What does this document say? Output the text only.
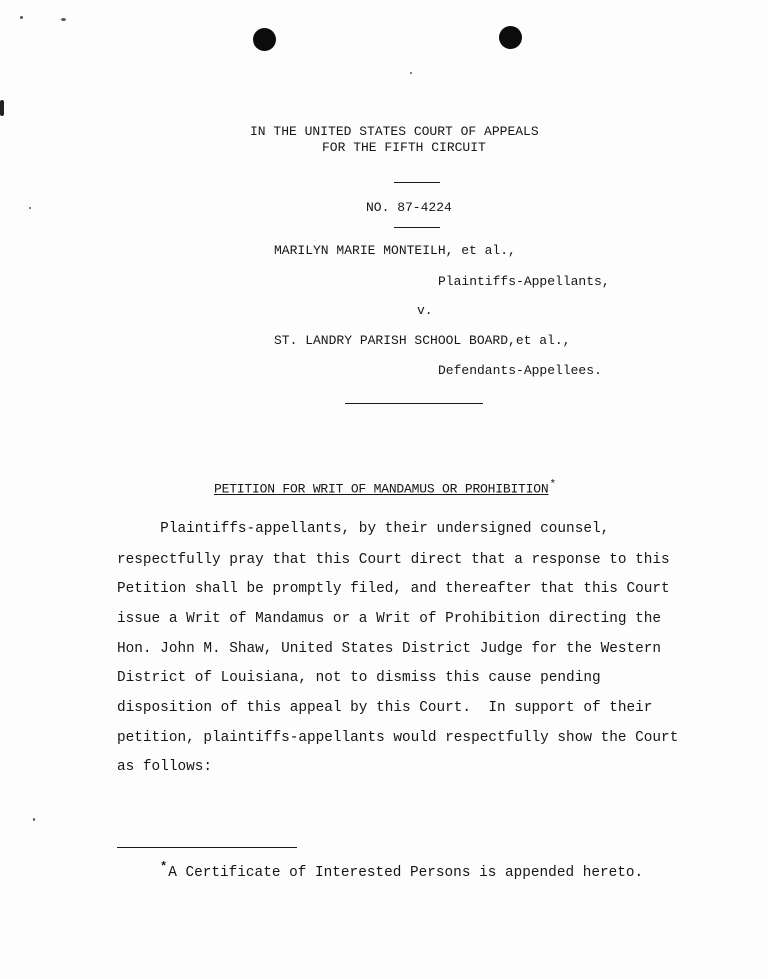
IN THE UNITED STATES COURT OF APPEALS
FOR THE FIFTH CIRCUIT
NO. 87-4224
MARILYN MARIE MONTEILH, et al.,
Plaintiffs-Appellants,
v.
ST. LANDRY PARISH SCHOOL BOARD,et al.,
Defendants-Appellees.
PETITION FOR WRIT OF MANDAMUS OR PROHIBITION*
Plaintiffs-appellants, by their undersigned counsel,
respectfully pray that this Court direct that a response to this
Petition shall be promptly filed, and thereafter that this Court
issue a Writ of Mandamus or a Writ of Prohibition directing the
Hon. John M. Shaw, United States District Judge for the Western
District of Louisiana, not to dismiss this cause pending
disposition of this appeal by this Court.  In support of their
petition, plaintiffs-appellants would respectfully show the Court
as follows:
*A Certificate of Interested Persons is appended hereto.
